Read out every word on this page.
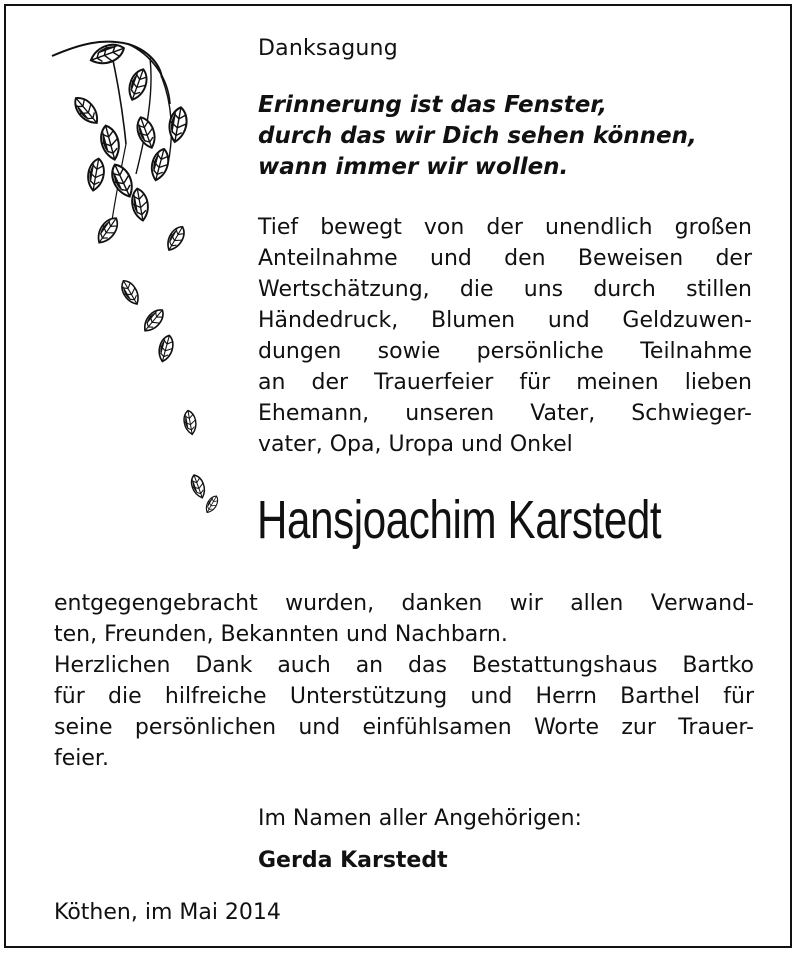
Danksagung
Erinnerung ist das Fenster,
durch das wir Dich sehen können,
wann immer wir wollen.
Tief bewegt von der unendlich großen
Anteilnahme und den Beweisen der
Wertschätzung, die uns durch stillen
Händedruck, Blumen und Geldzuwen-
dungen sowie persönliche Teilnahme
an der Trauerfeier für meinen lieben
Ehemann, unseren Vater, Schwieger-
vater, Opa, Uropa und Onkel
Hansjoachim Karstedt
entgegengebracht wurden, danken wir allen Verwand-
ten, Freunden, Bekannten und Nachbarn.
Herzlichen Dank auch an das Bestattungshaus Bartko
für die hilfreiche Unterstützung und Herrn Barthel für
seine persönlichen und einfühlsamen Worte zur Trauer-
feier.
Im Namen aller Angehörigen:
Gerda Karstedt
Köthen, im Mai 2014
